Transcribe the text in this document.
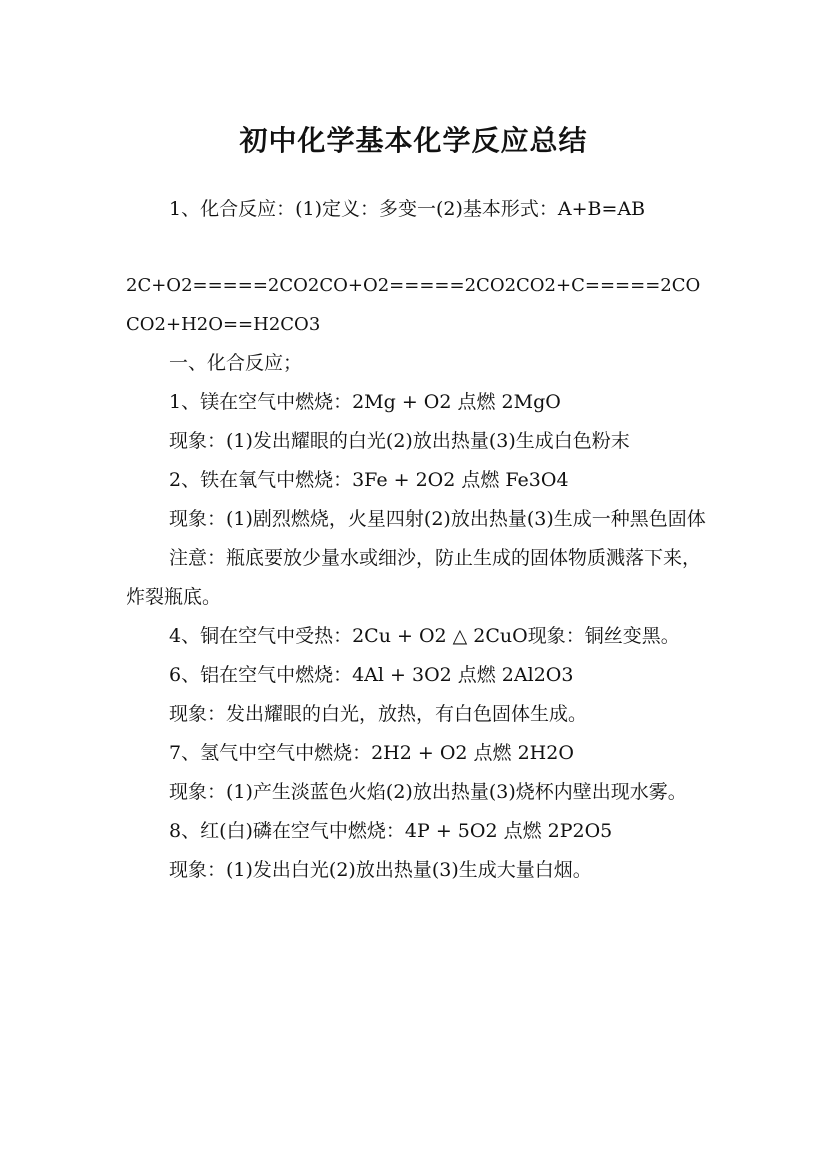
初中化学基本化学反应总结

1、化合反应：(1)定义：多变一(2)基本形式：A+B=AB

2C+O2=====2CO2CO+O2=====2CO2CO2+C=====2COCO2+H2O==H2CO3

一、化合反应；

1、镁在空气中燃烧：2Mg + O2 点燃 2MgO

现象：(1)发出耀眼的白光(2)放出热量(3)生成白色粉末

2、铁在氧气中燃烧：3Fe + 2O2 点燃 Fe3O4

现象：(1)剧烈燃烧，火星四射(2)放出热量(3)生成一种黑色固体

注意：瓶底要放少量水或细沙，防止生成的固体物质溅落下来，炸裂瓶底。

4、铜在空气中受热：2Cu + O2 △ 2CuO现象：铜丝变黑。

6、铝在空气中燃烧：4Al + 3O2 点燃 2Al2O3

现象：发出耀眼的白光，放热，有白色固体生成。

7、氢气中空气中燃烧：2H2 + O2 点燃 2H2O

现象：(1)产生淡蓝色火焰(2)放出热量(3)烧杯内壁出现水雾。

8、红(白)磷在空气中燃烧：4P + 5O2 点燃 2P2O5

现象：(1)发出白光(2)放出热量(3)生成大量白烟。
